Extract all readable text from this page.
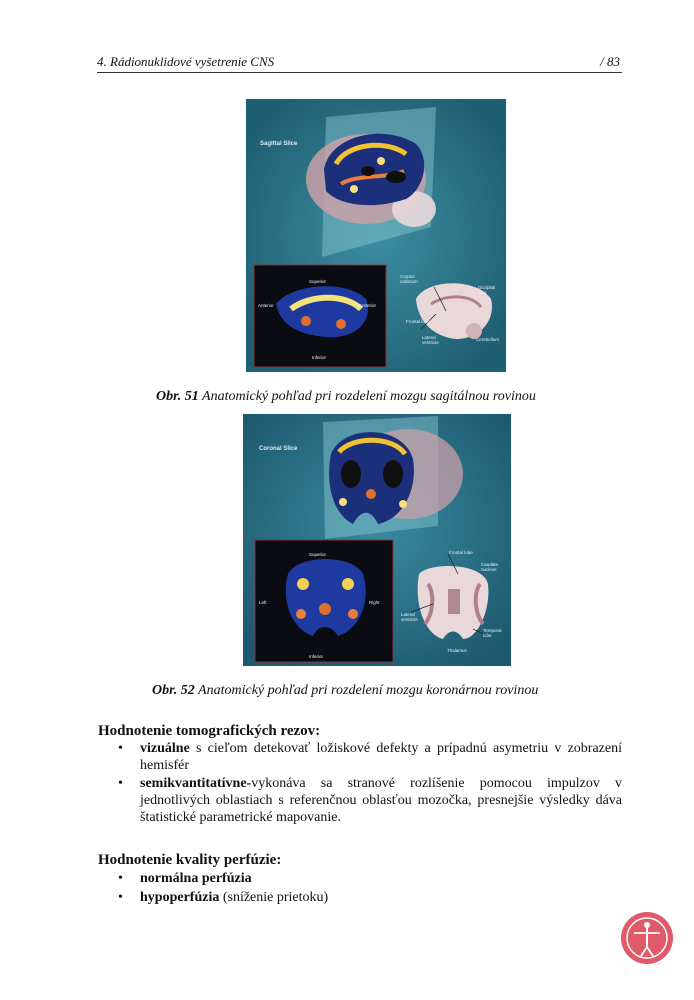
4. Rádionuklidové vyšetrenie CNS	/ 83
Sagittal Slice
Superior
Anterior	Posterior
Inferior
Corpus callosum
Occipital lobe
Frontal lobe
Lateral ventricle
Cerebellum
Obr. 51 Anatomický pohľad pri rozdelení mozgu sagitálnou rovinou
Coronal Slice
Superior
Left	Right
Inferior
Frontal lobe
Caudate nucleus
Lateral ventricle
Temporal lobe
Thalamus
Obr. 52 Anatomický pohľad pri rozdelení mozgu koronárnou rovinou
Hodnotenie tomografických rezov:
• vizuálne s cieľom detekovať ložiskové defekty a prípadnú asymetriu v zobrazení hemisfér
• semikvantitatívne-vykonáva sa stranové rozlíšenie pomocou impulzov v jednotlivých oblastiach s referenčnou oblasťou mozočka, presnejšie výsledky dáva štatistické parametrické mapovanie.
Hodnotenie kvality perfúzie:
• normálna perfúzia
• hypoperfúzia (sníženie prietoku)
